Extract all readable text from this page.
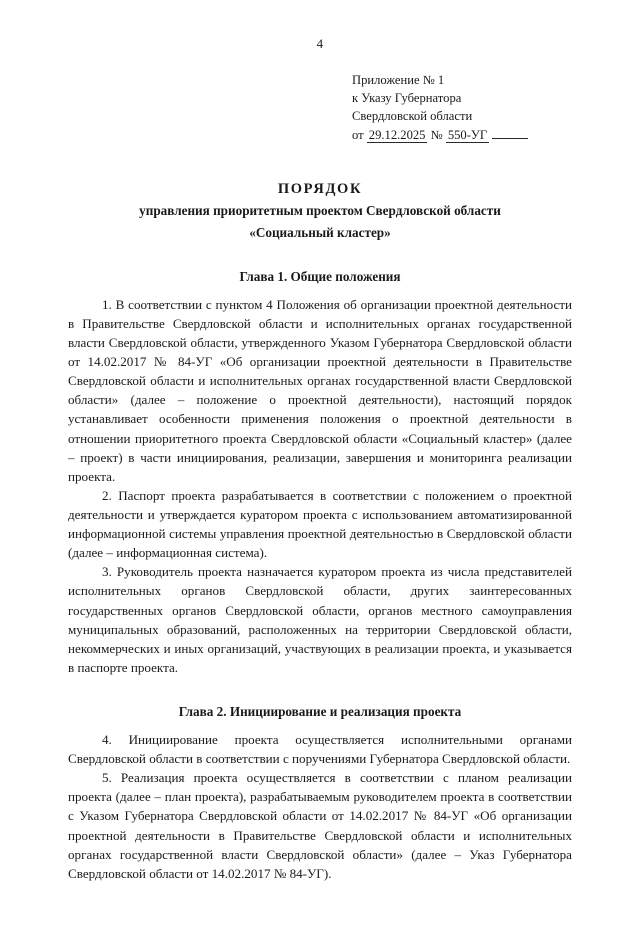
4
Приложение № 1
к Указу Губернатора
Свердловской области
от 29.12.2025 № 550-УГ
ПОРЯДОК
управления приоритетным проектом Свердловской области
«Социальный кластер»
Глава 1. Общие положения

1. В соответствии с пунктом 4 Положения об организации проектной деятельности в Правительстве Свердловской области и исполнительных органах государственной власти Свердловской области, утвержденного Указом Губернатора Свердловской области от 14.02.2017 № 84-УГ «Об организации проектной деятельности в Правительстве Свердловской области и исполнительных органах государственной власти Свердловской области» (далее – положение о проектной деятельности), настоящий порядок устанавливает особенности применения положения о проектной деятельности в отношении приоритетного проекта Свердловской области «Социальный кластер» (далее – проект) в части инициирования, реализации, завершения и мониторинга реализации проекта.

2. Паспорт проекта разрабатывается в соответствии с положением о проектной деятельности и утверждается куратором проекта с использованием автоматизированной информационной системы управления проектной деятельностью в Свердловской области (далее – информационная система).

3. Руководитель проекта назначается куратором проекта из числа представителей исполнительных органов Свердловской области, других заинтересованных государственных органов Свердловской области, органов местного самоуправления муниципальных образований, расположенных на территории Свердловской области, некоммерческих и иных организаций, участвующих в реализации проекта, и указывается в паспорте проекта.

Глава 2. Инициирование и реализация проекта

4. Инициирование проекта осуществляется исполнительными органами Свердловской области в соответствии с поручениями Губернатора Свердловской области.

5. Реализация проекта осуществляется в соответствии с планом реализации проекта (далее – план проекта), разрабатываемым руководителем проекта в соответствии с Указом Губернатора Свердловской области от 14.02.2017 № 84-УГ «Об организации проектной деятельности в Правительстве Свердловской области и исполнительных органах государственной власти Свердловской области» (далее – Указ Губернатора Свердловской области от 14.02.2017 № 84-УГ).
